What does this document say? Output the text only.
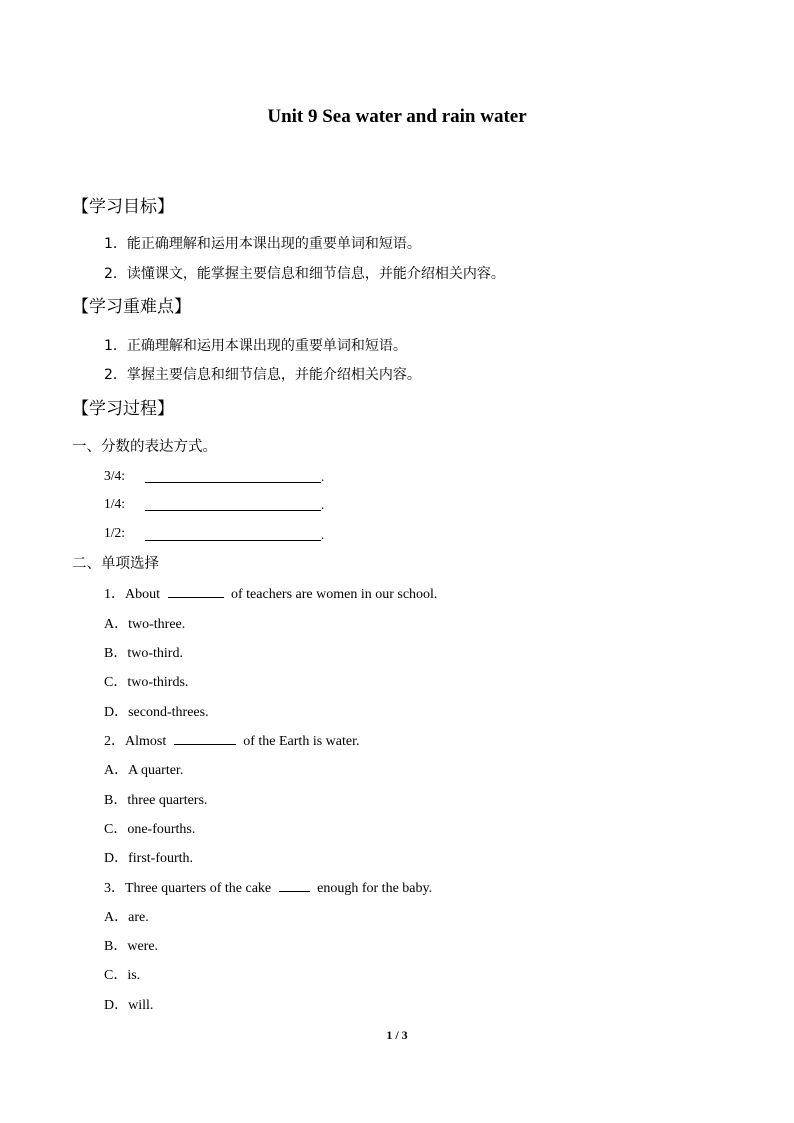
Unit 9 Sea water and rain water
【学习目标】
1．能正确理解和运用本课出现的重要单词和短语。
2．读懂课文，能掌握主要信息和细节信息，并能介绍相关内容。
【学习重难点】
1．正确理解和运用本课出现的重要单词和短语。
2．掌握主要信息和细节信息，并能介绍相关内容。
【学习过程】
一、分数的表达方式。
3/4:	.
1/4:	.
1/2:	.
二、单项选择
1．About	of teachers are women in our school.
A．two-three.
B．two-third.
C．two-thirds.
D．second-threes.
2．Almost	of the Earth is water.
A．A quarter.
B．three quarters.
C．one-fourths.
D．first-fourth.
3．Three quarters of the cake	enough for the baby.
A．are.
B．were.
C．is.
D．will.
1 / 3
